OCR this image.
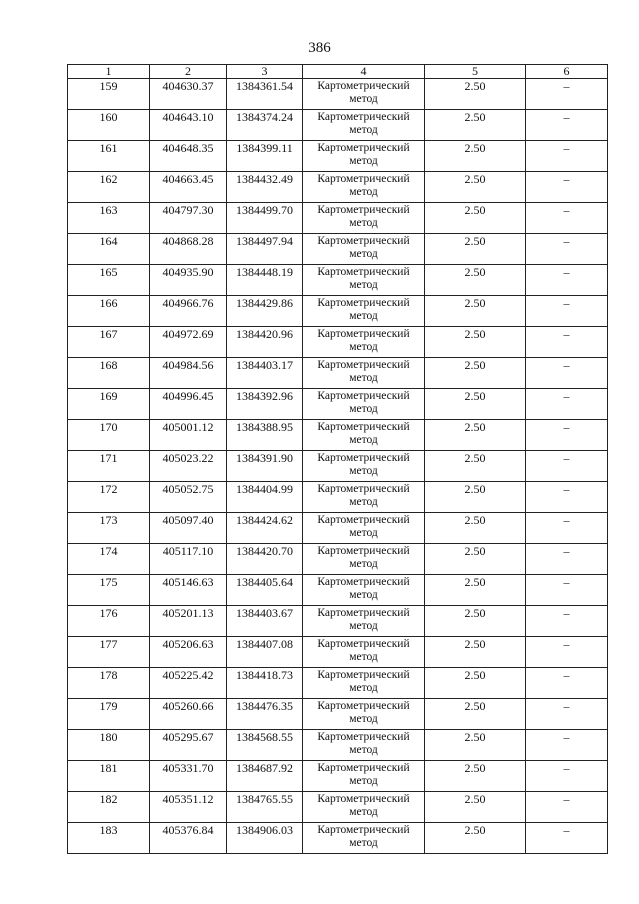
386
1	2	3	4	5	6
159	404630.37	1384361.54	Картометрический метод	2.50	–
160	404643.10	1384374.24	Картометрический метод	2.50	–
161	404648.35	1384399.11	Картометрический метод	2.50	–
162	404663.45	1384432.49	Картометрический метод	2.50	–
163	404797.30	1384499.70	Картометрический метод	2.50	–
164	404868.28	1384497.94	Картометрический метод	2.50	–
165	404935.90	1384448.19	Картометрический метод	2.50	–
166	404966.76	1384429.86	Картометрический метод	2.50	–
167	404972.69	1384420.96	Картометрический метод	2.50	–
168	404984.56	1384403.17	Картометрический метод	2.50	–
169	404996.45	1384392.96	Картометрический метод	2.50	–
170	405001.12	1384388.95	Картометрический метод	2.50	–
171	405023.22	1384391.90	Картометрический метод	2.50	–
172	405052.75	1384404.99	Картометрический метод	2.50	–
173	405097.40	1384424.62	Картометрический метод	2.50	–
174	405117.10	1384420.70	Картометрический метод	2.50	–
175	405146.63	1384405.64	Картометрический метод	2.50	–
176	405201.13	1384403.67	Картометрический метод	2.50	–
177	405206.63	1384407.08	Картометрический метод	2.50	–
178	405225.42	1384418.73	Картометрический метод	2.50	–
179	405260.66	1384476.35	Картометрический метод	2.50	–
180	405295.67	1384568.55	Картометрический метод	2.50	–
181	405331.70	1384687.92	Картометрический метод	2.50	–
182	405351.12	1384765.55	Картометрический метод	2.50	–
183	405376.84	1384906.03	Картометрический метод	2.50	–
